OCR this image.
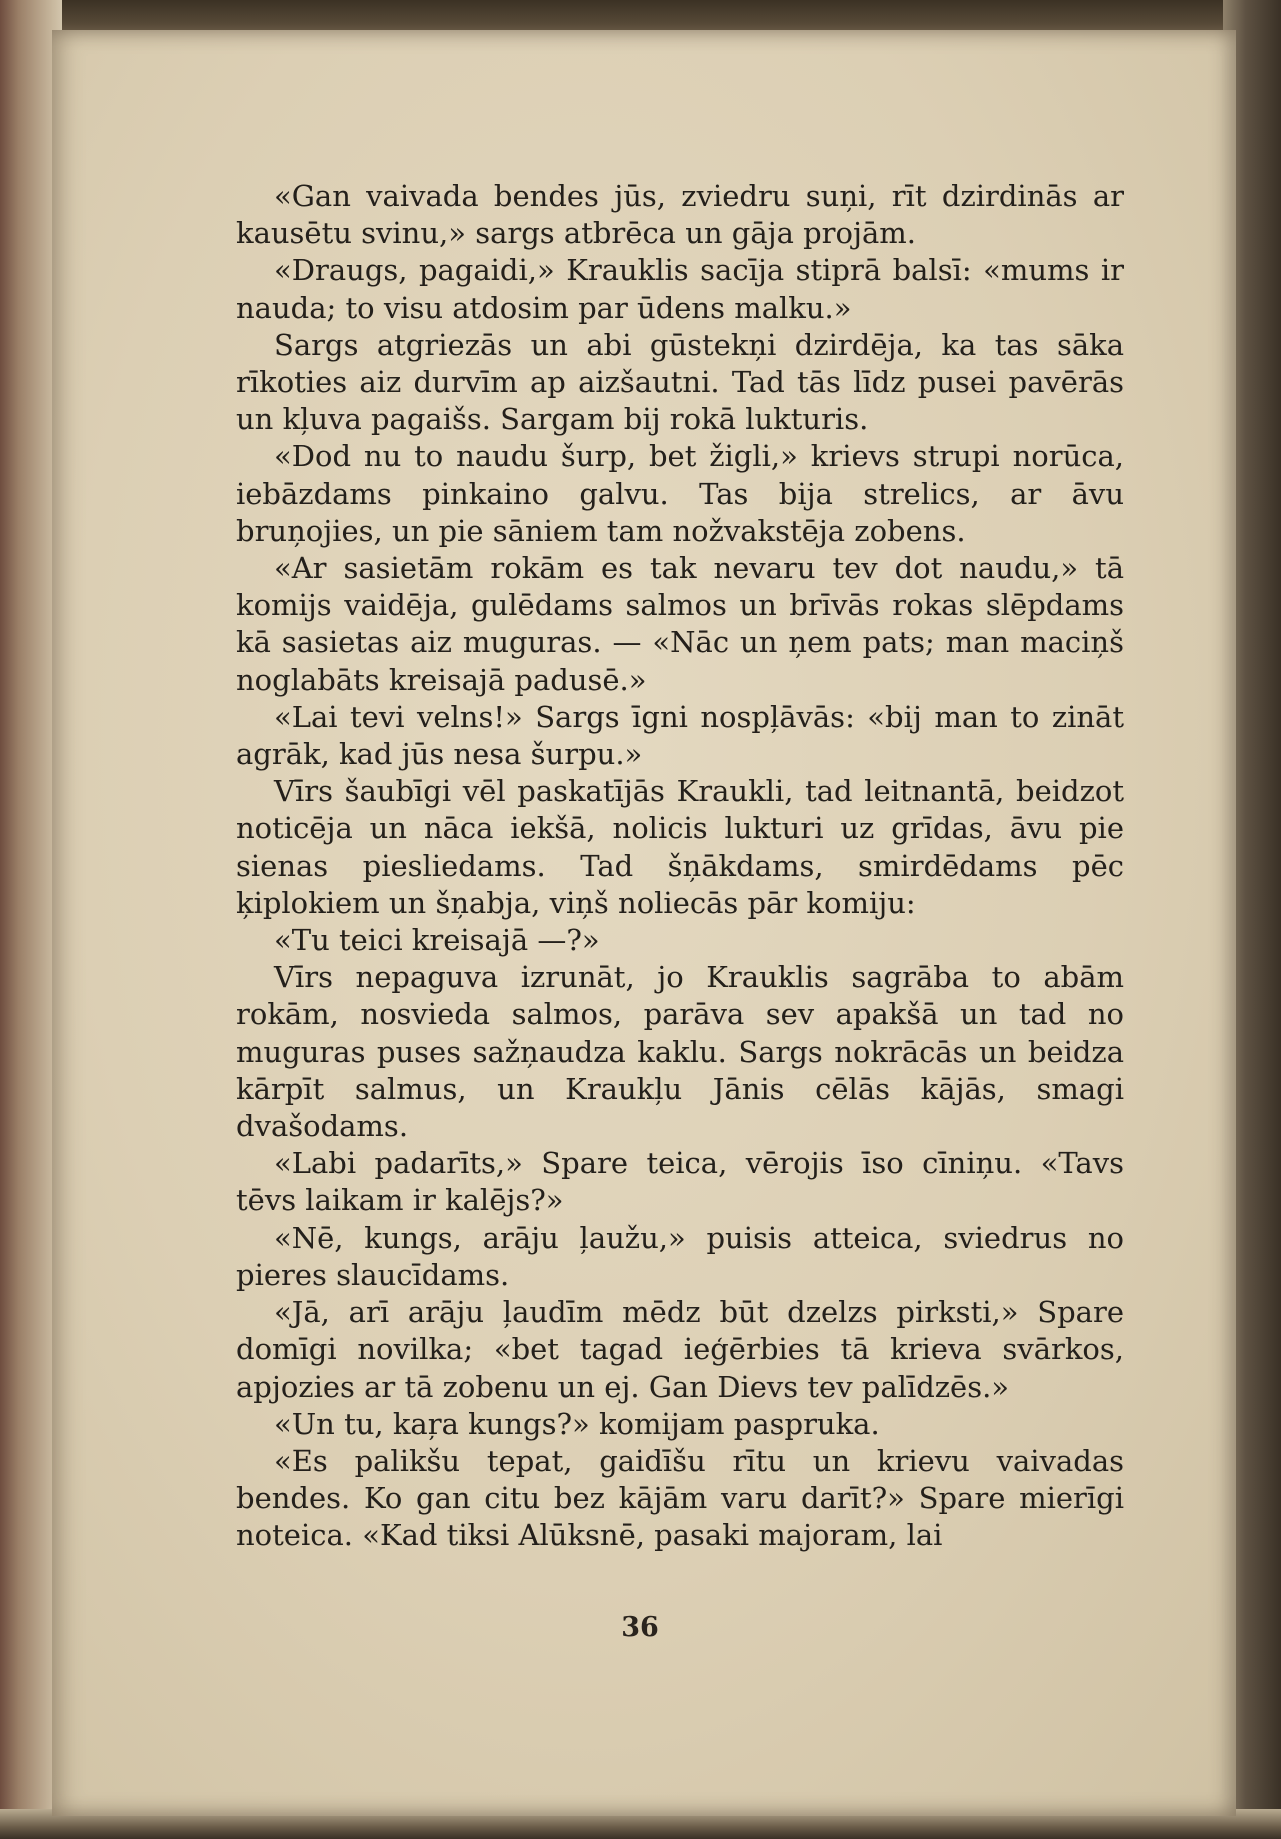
«Gan vaivada bendes jūs, zviedru suņi, rīt dzirdinās ar kausētu svinu,» sargs atbrēca un gāja projām.

«Draugs, pagaidi,» Krauklis sacīja stiprā balsī: «mums ir nauda; to visu atdosim par ūdens malku.»

Sargs atgriezās un abi gūstekņi dzirdēja, ka tas sāka rīkoties aiz durvīm ap aizšautni. Tad tās līdz pusei pavērās un kļuva pagaišs. Sargam bij rokā lukturis.

«Dod nu to naudu šurp, bet žigli,» krievs strupi norūca, iebāzdams pinkaino galvu. Tas bija strelics, ar āvu bruņojies, un pie sāniem tam nožvakstēja zobens.

«Ar sasietām rokām es tak nevaru tev dot naudu,» tā komijs vaidēja, gulēdams salmos un brīvās rokas slēpdams kā sasietas aiz muguras. — «Nāc un ņem pats; man maciņš noglabāts kreisajā padusē.»

«Lai tevi velns!» Sargs īgni nospļāvās: «bij man to zināt agrāk, kad jūs nesa šurpu.»

Vīrs šaubīgi vēl paskatījās Kraukli, tad leitnantā, beidzot noticēja un nāca iekšā, nolicis lukturi uz grīdas, āvu pie sienas piesliedams. Tad šņākdams, smirdēdams pēc ķiplokiem un šņabja, viņš noliecās pār komiju:

«Tu teici kreisajā —?»

Vīrs nepaguva izrunāt, jo Krauklis sagrāba to abām rokām, nosvieda salmos, parāva sev apakšā un tad no muguras puses sažņaudza kaklu. Sargs nokrācās un beidza kārpīt salmus, un Kraukļu Jānis cēlās kājās, smagi dvašodams.

«Labi padarīts,» Spare teica, vērojis īso cīniņu. «Tavs tēvs laikam ir kalējs?»

«Nē, kungs, arāju ļaužu,» puisis atteica, sviedrus no pieres slaucīdams.

«Jā, arī arāju ļaudīm mēdz būt dzelzs pirksti,» Spare domīgi novilka; «bet tagad ieģērbies tā krieva svārkos, apjozies ar tā zobenu un ej. Gan Dievs tev palīdzēs.»

«Un tu, kaŗa kungs?» komijam paspruka.

«Es palikšu tepat, gaidīšu rītu un krievu vaivadas bendes. Ko gan citu bez kājām varu darīt?» Spare mierīgi noteica. «Kad tiksi Alūksnē, pasaki majoram, lai

36
